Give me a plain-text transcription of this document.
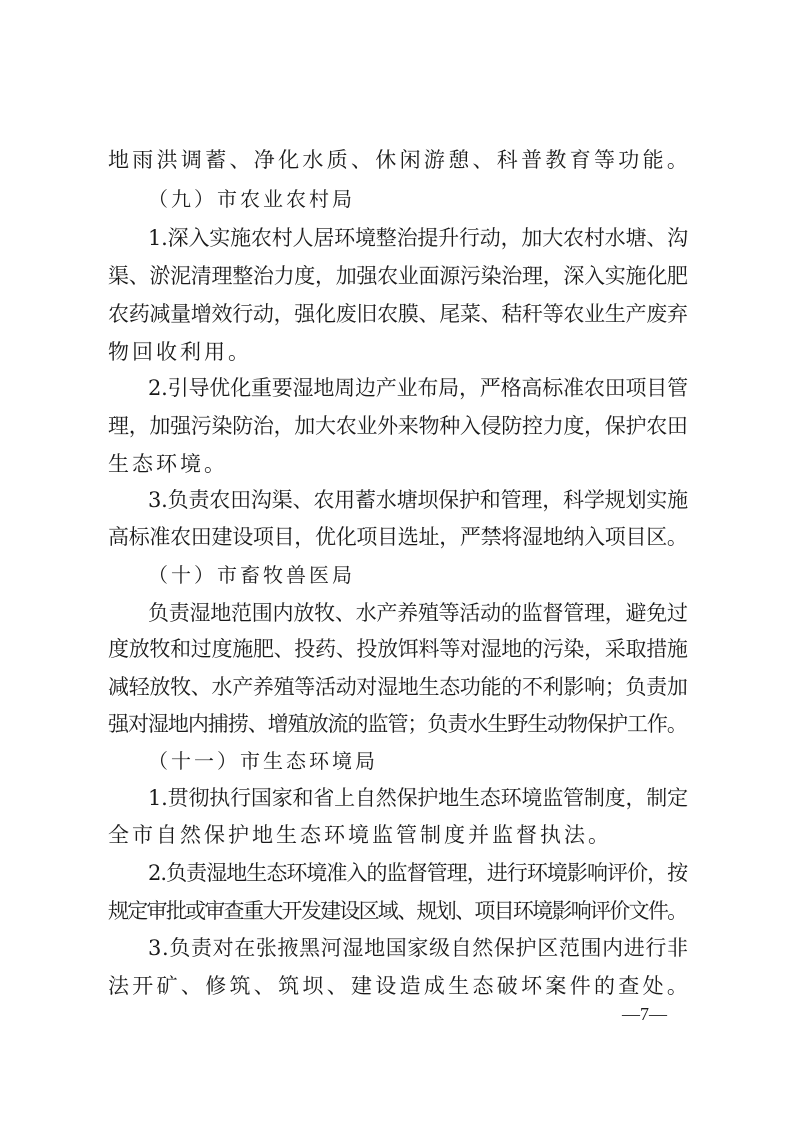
地雨洪调蓄、净化水质、休闲游憩、科普教育等功能。
（九）市农业农村局
1.深入实施农村人居环境整治提升行动，加大农村水塘、沟
渠、淤泥清理整治力度，加强农业面源污染治理，深入实施化肥
农药减量增效行动，强化废旧农膜、尾菜、秸秆等农业生产废弃
物回收利用。
2.引导优化重要湿地周边产业布局，严格高标准农田项目管
理，加强污染防治，加大农业外来物种入侵防控力度，保护农田
生态环境。
3.负责农田沟渠、农用蓄水塘坝保护和管理，科学规划实施
高标准农田建设项目，优化项目选址，严禁将湿地纳入项目区。
（十）市畜牧兽医局
负责湿地范围内放牧、水产养殖等活动的监督管理，避免过
度放牧和过度施肥、投药、投放饵料等对湿地的污染，采取措施
减轻放牧、水产养殖等活动对湿地生态功能的不利影响；负责加
强对湿地内捕捞、增殖放流的监管；负责水生野生动物保护工作。
（十一）市生态环境局
1.贯彻执行国家和省上自然保护地生态环境监管制度，制定
全市自然保护地生态环境监管制度并监督执法。
2.负责湿地生态环境准入的监督管理，进行环境影响评价，按
规定审批或审查重大开发建设区域、规划、项目环境影响评价文件。
3.负责对在张掖黑河湿地国家级自然保护区范围内进行非
法开矿、修筑、筑坝、建设造成生态破坏案件的查处。
—7—
